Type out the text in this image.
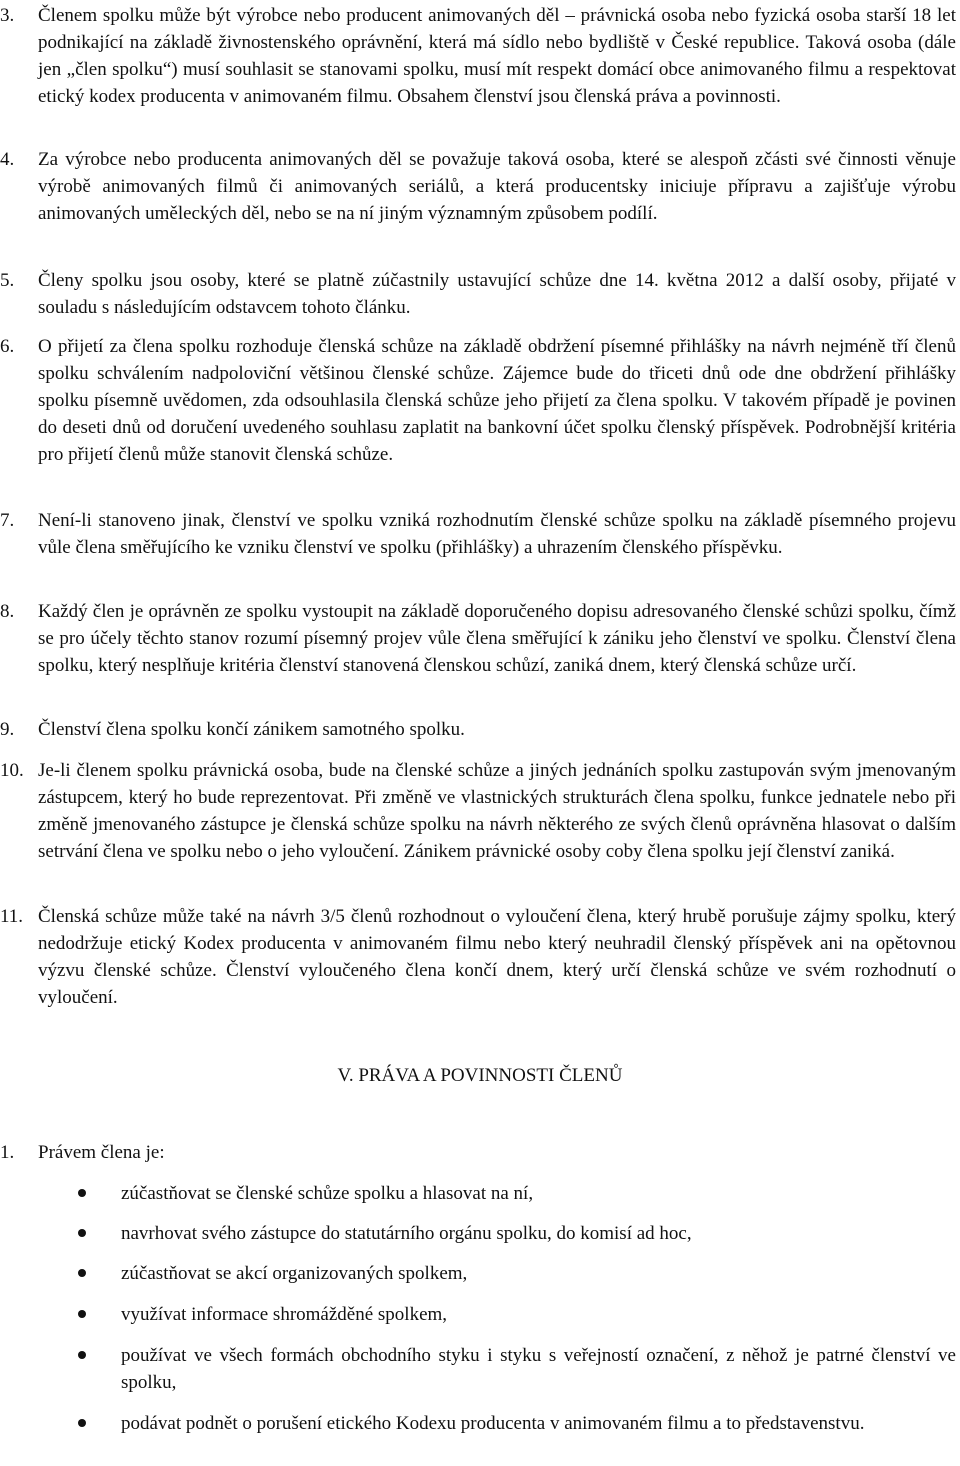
3. Členem spolku může být výrobce nebo producent animovaných děl – právnická osoba nebo fyzická osoba starší 18 let podnikající na základě živnostenského oprávnění, která má sídlo nebo bydliště v České republice. Taková osoba (dále jen „člen spolku“) musí souhlasit se stanovami spolku, musí mít respekt domácí obce animovaného filmu a respektovat etický kodex producenta v animovaném filmu. Obsahem členství jsou členská práva a povinnosti.
4. Za výrobce nebo producenta animovaných děl se považuje taková osoba, které se alespoň zčásti své činnosti věnuje výrobě animovaných filmů či animovaných seriálů, a která producentsky iniciuje přípravu a zajišťuje výrobu animovaných uměleckých děl, nebo se na ní jiným významným způsobem podílí.
5. Členy spolku jsou osoby, které se platně zúčastnily ustavující schůze dne 14. května 2012 a další osoby, přijaté v souladu s následujícím odstavcem tohoto článku.
6. O přijetí za člena spolku rozhoduje členská schůze na základě obdržení písemné přihlášky na návrh nejméně tří členů spolku schválením nadpoloviční většinou členské schůze. Zájemce bude do třiceti dnů ode dne obdržení přihlášky spolku písemně uvědomen, zda odsouhlasila členská schůze jeho přijetí za člena spolku. V takovém případě je povinen do deseti dnů od doručení uvedeného souhlasu zaplatit na bankovní účet spolku členský příspěvek. Podrobnější kritéria pro přijetí členů může stanovit členská schůze.
7. Není-li stanoveno jinak, členství ve spolku vzniká rozhodnutím členské schůze spolku na základě písemného projevu vůle člena směřujícího ke vzniku členství ve spolku (přihlášky) a uhrazením členského příspěvku.
8. Každý člen je oprávněn ze spolku vystoupit na základě doporučeného dopisu adresovaného členské schůzi spolku, čímž se pro účely těchto stanov rozumí písemný projev vůle člena směřující k zániku jeho členství ve spolku. Členství člena spolku, který nesplňuje kritéria členství stanovená členskou schůzí, zaniká dnem, který členská schůze určí.
9. Členství člena spolku končí zánikem samotného spolku.
10. Je-li členem spolku právnická osoba, bude na členské schůze a jiných jednáních spolku zastupován svým jmenovaným zástupcem, který ho bude reprezentovat. Při změně ve vlastnických strukturách člena spolku, funkce jednatele nebo při změně jmenovaného zástupce je členská schůze spolku na návrh některého ze svých členů oprávněna hlasovat o dalším setrvání člena ve spolku nebo o jeho vyloučení. Zánikem právnické osoby coby člena spolku její členství zaniká.
11. Členská schůze může také na návrh 3/5 členů rozhodnout o vyloučení člena, který hrubě porušuje zájmy spolku, který nedodržuje etický Kodex producenta v animovaném filmu nebo který neuhradil členský příspěvek ani na opětovnou výzvu členské schůze. Členství vyloučeného člena končí dnem, který určí členská schůze ve svém rozhodnutí o vyloučení.
V. PRÁVA A POVINNOSTI ČLENŮ
1. Právem člena je:
zúčastňovat se členské schůze spolku a hlasovat na ní,
navrhovat svého zástupce do statutárního orgánu spolku, do komisí ad hoc,
zúčastňovat se akcí organizovaných spolkem,
využívat informace shromážděné spolkem,
používat ve všech formách obchodního styku i styku s veřejností označení, z něhož je patrné členství ve spolku,
podávat podnět o porušení etického Kodexu producenta v animovaném filmu a to představenstvu.
